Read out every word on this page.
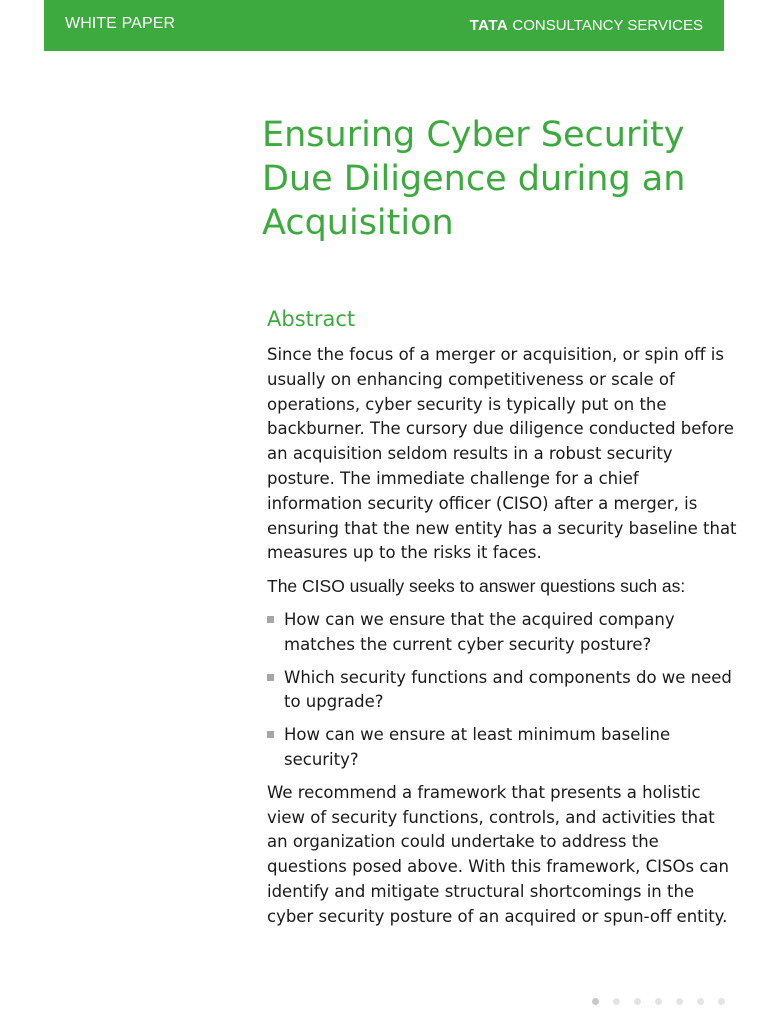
WHITE PAPER	TATA CONSULTANCY SERVICES
Ensuring Cyber Security
Due Diligence during an
Acquisition
Abstract

Since the focus of a merger or acquisition, or spin off is usually on enhancing competitiveness or scale of operations, cyber security is typically put on the backburner. The cursory due diligence conducted before an acquisition seldom results in a robust security posture. The immediate challenge for a chief information security officer (CISO) after a merger, is ensuring that the new entity has a security baseline that measures up to the risks it faces.

The CISO usually seeks to answer questions such as:

How can we ensure that the acquired company matches the current cyber security posture?
Which security functions and components do we need to upgrade?
How can we ensure at least minimum baseline security?

We recommend a framework that presents a holistic view of security functions, controls, and activities that an organization could undertake to address the questions posed above. With this framework, CISOs can identify and mitigate structural shortcomings in the cyber security posture of an acquired or spun-off entity.
